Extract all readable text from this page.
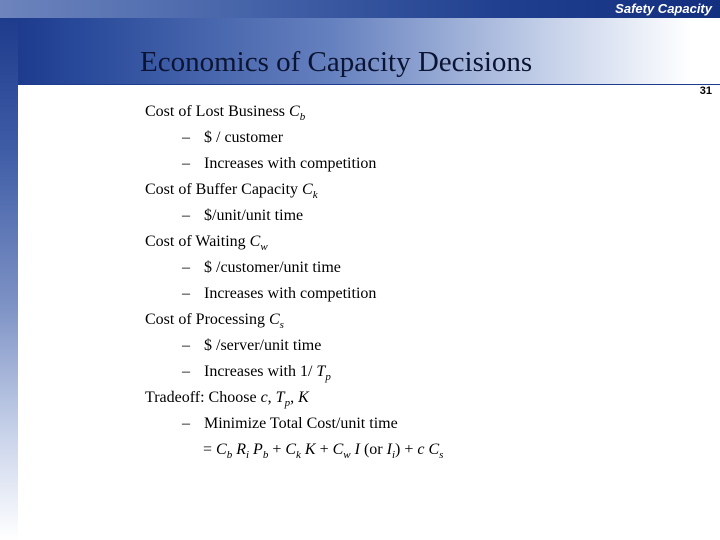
Safety Capacity
Economics of Capacity Decisions
31
Cost of Lost Business $C_b$
– $ / customer
– Increases with competition
Cost of Buffer Capacity $C_k$
– $/unit/unit time
Cost of Waiting $C_w$
– $ /customer/unit time
– Increases with competition
Cost of Processing $C_s$
– $ /server/unit time
– Increases with 1/ $T_p$
Tradeoff: Choose c, $T_p$, K
– Minimize Total Cost/unit time
= $C_b$ $R_i$ $P_b + C_k$ $K + C_w$ I (or $I_i) + c$ $C_s$
